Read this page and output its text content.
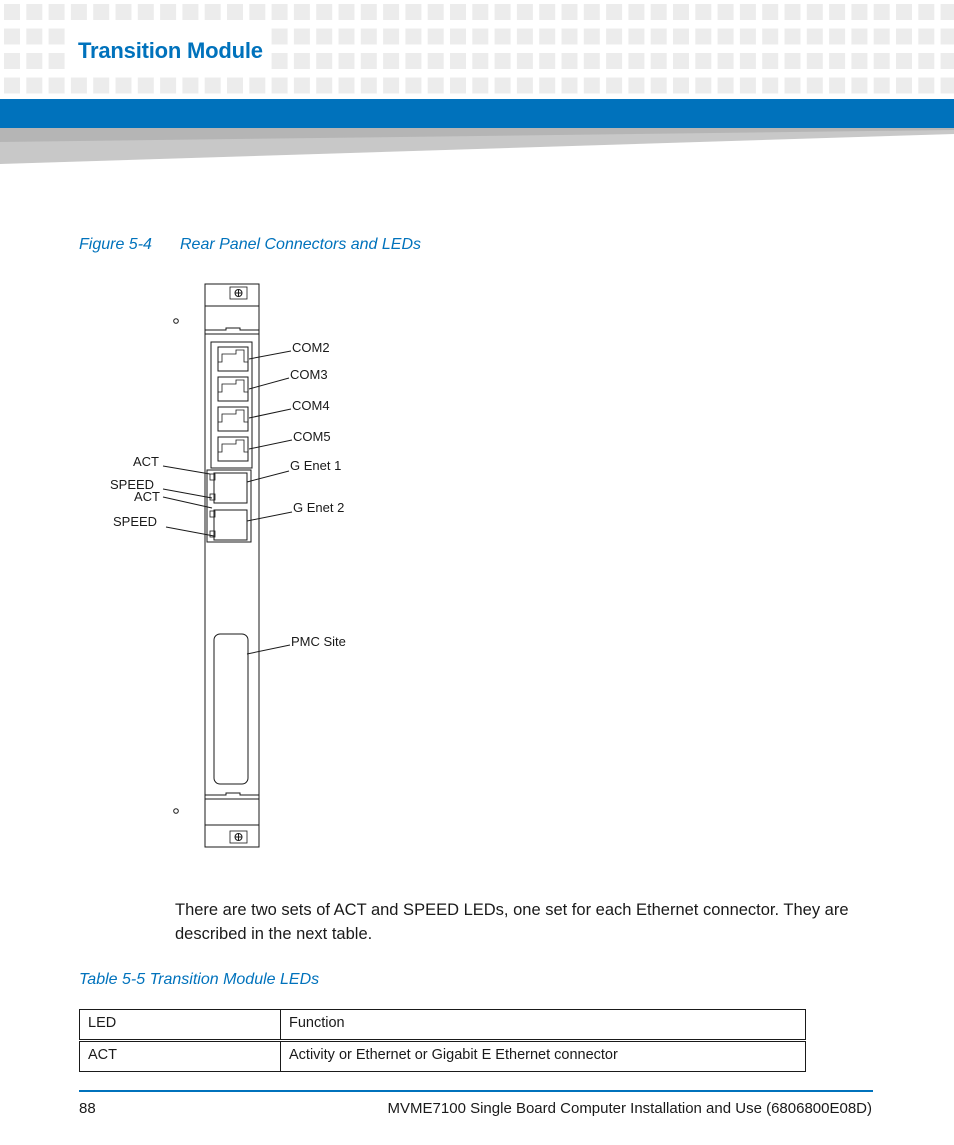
Transition Module
Figure 5-4 Rear Panel Connectors and LEDs
COM2
COM3
COM4
COM5
G Enet 1
G Enet 2
ACT
SPEED
ACT
SPEED
PMC Site
There are two sets of ACT and SPEED LEDs, one set for each Ethernet connector. They are described in the next table.
Table 5-5 Transition Module LEDs
LED	Function
ACT	Activity or Ethernet or Gigabit E Ethernet connector
88	MVME7100 Single Board Computer Installation and Use (6806800E08D)
